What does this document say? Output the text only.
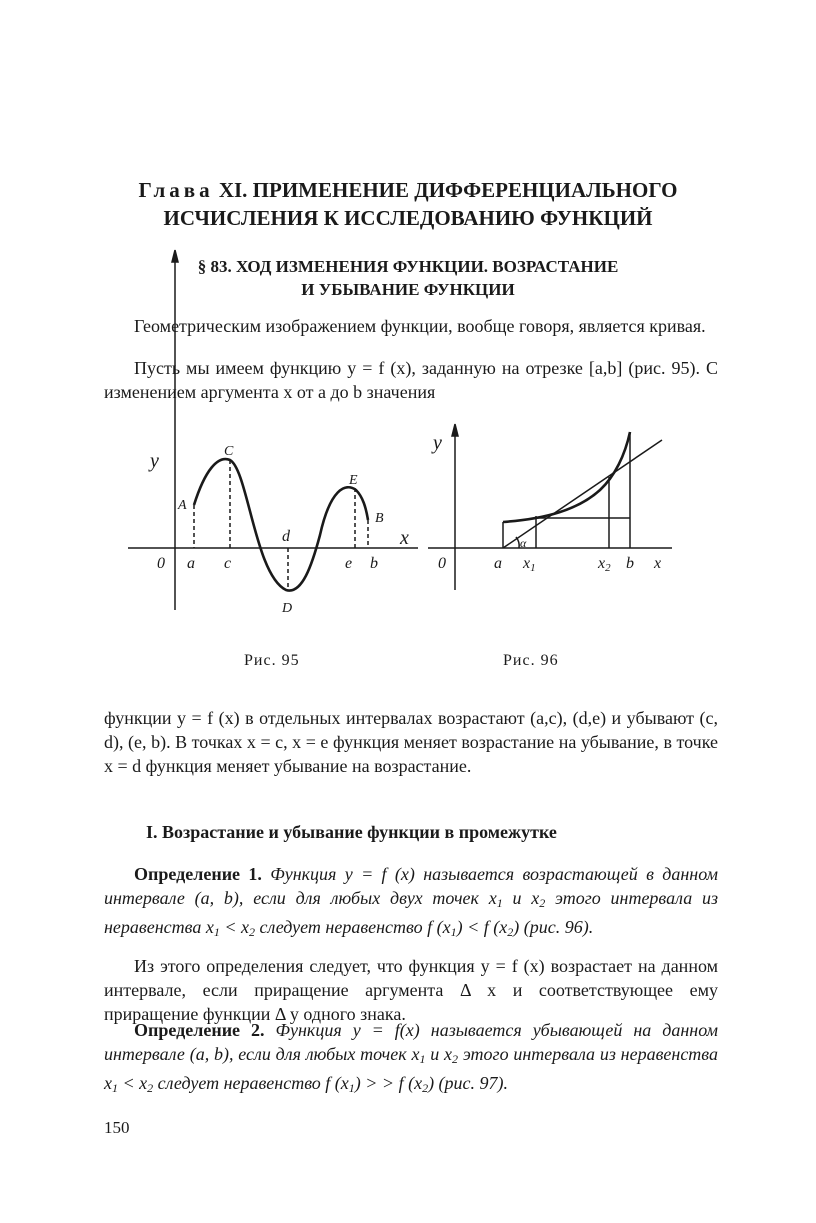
Глава XI. ПРИМЕНЕНИЕ ДИФФЕРЕНЦИАЛЬНОГО
ИСЧИСЛЕНИЯ К ИССЛЕДОВАНИЮ ФУНКЦИЙ
§ 83. ХОД ИЗМЕНЕНИЯ ФУНКЦИИ. ВОЗРАСТАНИЕ
И УБЫВАНИЕ ФУНКЦИИ
Геометрическим изображением функции, вообще говоря, является кривая.
Пусть мы имеем функцию y = f (x), заданную на отрезке [a,b] (рис. 95). С изменением аргумента x от a до b значения
y
x
0 a c
d
e b
A
C
E
B
D
y
α
0	a x1	x2 b x
Рис. 95	Рис. 96
функции y = f (x) в отдельных интервалах возрастают (a,c), (d,e) и убывают (c, d), (e, b). В точках x = c, x = e функция меняет возрастание на убывание, в точке x = d функция меняет убывание на возрастание.
I. Возрастание и убывание функции в промежутке
Определение 1. Функция y = f (x) называется возрастающей в данном интервале (a, b), если для любых двух точек $x_1$ и $x_2$ этого интервала из неравенства $x_1 < x_2$ следует неравенство f $(x_1) < f$ $(x_2)$ (рис. 96).
Из этого определения следует, что функция y = f (x) возрастает на данном интервале, если приращение аргумента Δ x и соответствующее ему приращение функции Δ y одного знака.
Определение 2. Функция y = f(x) называется убывающей на данном интервале (a, b), если для любых точек $x_1$ и $x_2$ этого интервала из неравенства $x_1 < x_2$ следует неравенство f $(x_1)$ > > f $(x_2)$ (рис. 97).
150
